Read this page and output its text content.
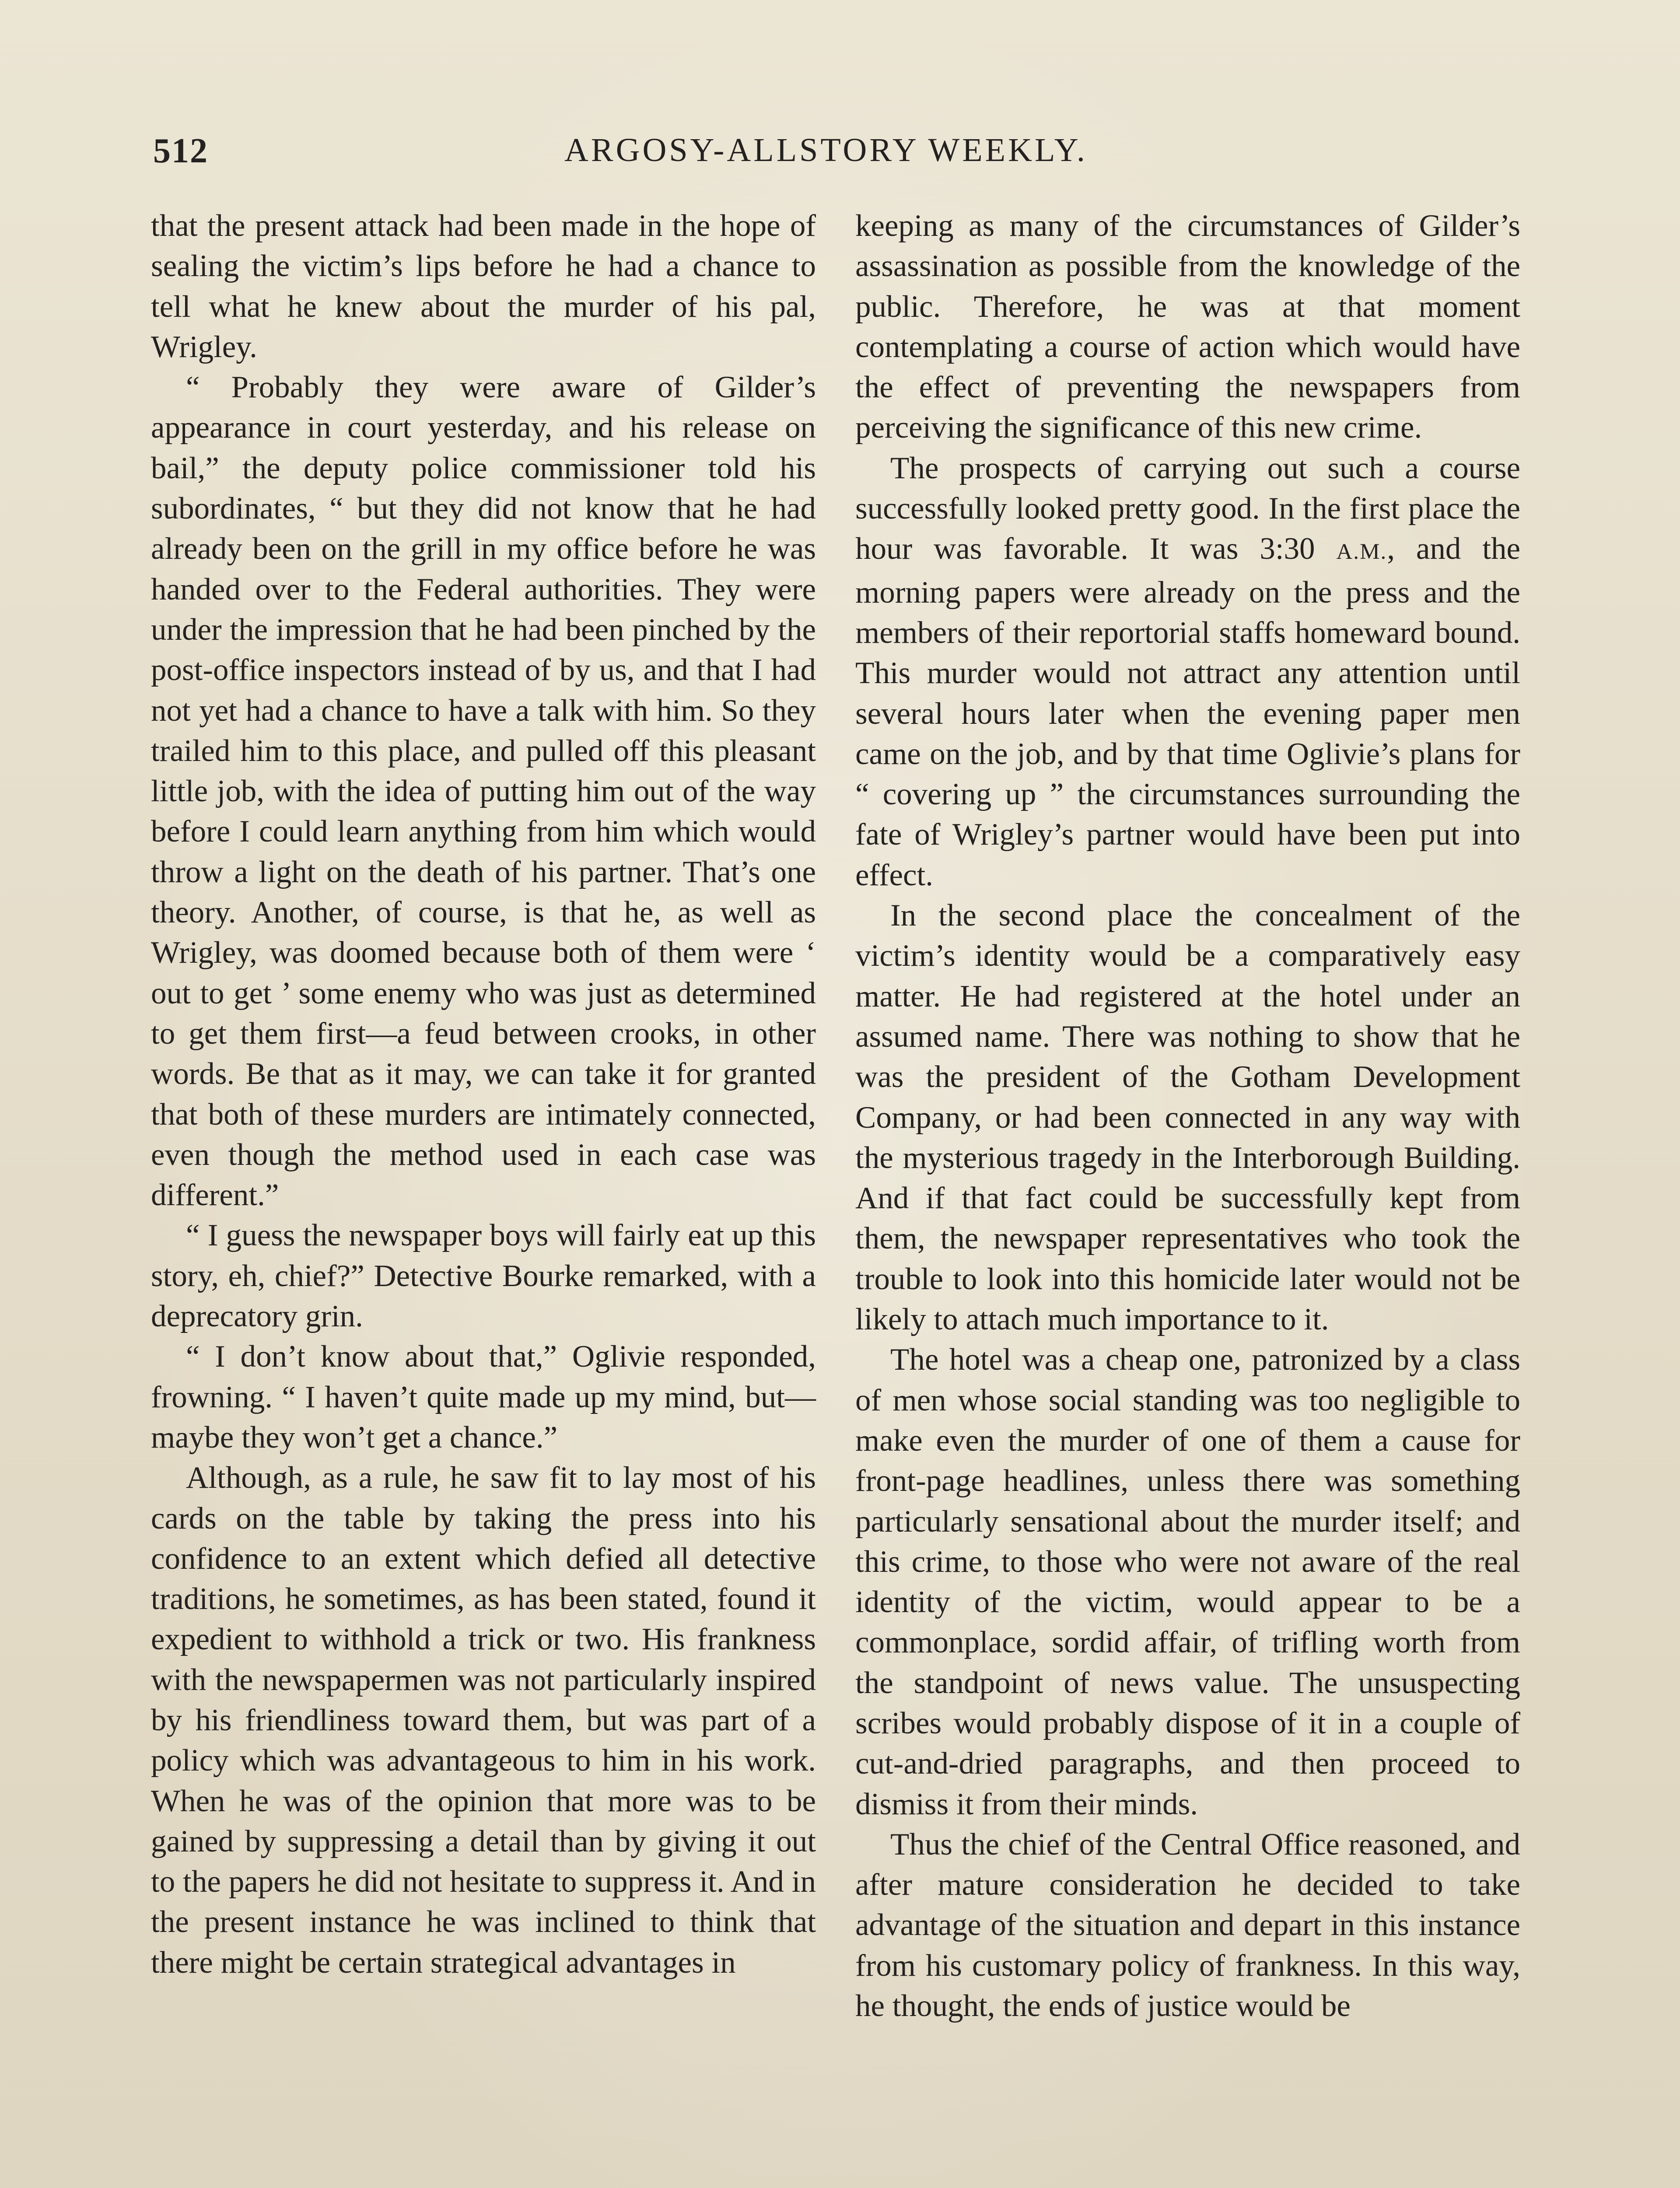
512	ARGOSY-ALLSTORY WEEKLY.

that the present attack had been made in the hope of sealing the victim’s lips before he had a chance to tell what he knew about the murder of his pal, Wrigley.

“ Probably they were aware of Gilder’s appearance in court yesterday, and his release on bail,” the deputy police commissioner told his subordinates, “ but they did not know that he had already been on the grill in my office before he was handed over to the Federal authorities. They were under the impression that he had been pinched by the post-office inspectors instead of by us, and that I had not yet had a chance to have a talk with him. So they trailed him to this place, and pulled off this pleasant little job, with the idea of putting him out of the way before I could learn anything from him which would throw a light on the death of his partner. That’s one theory. Another, of course, is that he, as well as Wrigley, was doomed because both of them were ‘ out to get ’ some enemy who was just as determined to get them first—a feud between crooks, in other words. Be that as it may, we can take it for granted that both of these murders are intimately connected, even though the method used in each case was different.”

“ I guess the newspaper boys will fairly eat up this story, eh, chief?” Detective Bourke remarked, with a deprecatory grin.

“ I don’t know about that,” Oglivie responded, frowning. “ I haven’t quite made up my mind, but—maybe they won’t get a chance.”

Although, as a rule, he saw fit to lay most of his cards on the table by taking the press into his confidence to an extent which defied all detective traditions, he sometimes, as has been stated, found it expedient to withhold a trick or two. His frankness with the newspapermen was not particularly inspired by his friendliness toward them, but was part of a policy which was advantageous to him in his work. When he was of the opinion that more was to be gained by suppressing a detail than by giving it out to the papers he did not hesitate to suppress it. And in the present instance he was inclined to think that there might be certain strategical advantages in

keeping as many of the circumstances of Gilder’s assassination as possible from the knowledge of the public. Therefore, he was at that moment contemplating a course of action which would have the effect of preventing the newspapers from perceiving the significance of this new crime.

The prospects of carrying out such a course successfully looked pretty good. In the first place the hour was favorable. It was 3:30 A.M., and the morning papers were already on the press and the members of their reportorial staffs homeward bound. This murder would not attract any attention until several hours later when the evening paper men came on the job, and by that time Oglivie’s plans for “ covering up ” the circumstances surrounding the fate of Wrigley’s partner would have been put into effect.

In the second place the concealment of the victim’s identity would be a comparatively easy matter. He had registered at the hotel under an assumed name. There was nothing to show that he was the president of the Gotham Development Company, or had been connected in any way with the mysterious tragedy in the Interborough Building. And if that fact could be successfully kept from them, the newspaper representatives who took the trouble to look into this homicide later would not be likely to attach much importance to it.

The hotel was a cheap one, patronized by a class of men whose social standing was too negligible to make even the murder of one of them a cause for front-page headlines, unless there was something particularly sensational about the murder itself; and this crime, to those who were not aware of the real identity of the victim, would appear to be a commonplace, sordid affair, of trifling worth from the standpoint of news value. The unsuspecting scribes would probably dispose of it in a couple of cut-and-dried paragraphs, and then proceed to dismiss it from their minds.

Thus the chief of the Central Office reasoned, and after mature consideration he decided to take advantage of the situation and depart in this instance from his customary policy of frankness. In this way, he thought, the ends of justice would be
